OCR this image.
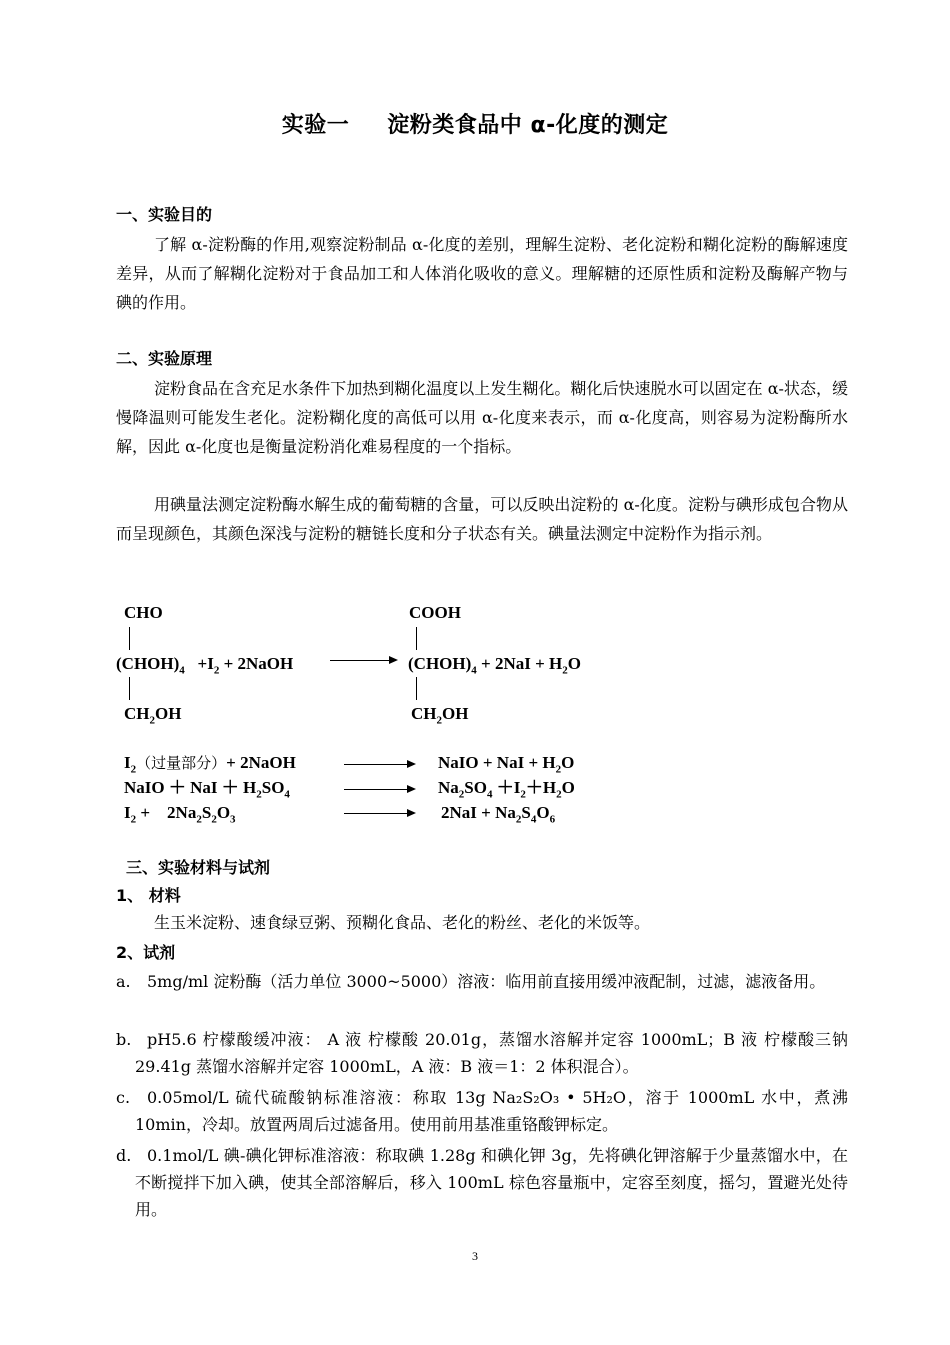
实验一 淀粉类食品中 α-化度的测定
一、实验目的
了解 α-淀粉酶的作用,观察淀粉制品 α-化度的差别，理解生淀粉、老化淀粉和糊化淀粉的酶解速度差异，从而了解糊化淀粉对于食品加工和人体消化吸收的意义。理解糖的还原性质和淀粉及酶解产物与碘的作用。
二、实验原理
淀粉食品在含充足水条件下加热到糊化温度以上发生糊化。糊化后快速脱水可以固定在 α-状态，缓慢降温则可能发生老化。淀粉糊化度的高低可以用 α-化度来表示，而 α-化度高，则容易为淀粉酶所水解，因此 α-化度也是衡量淀粉消化难易程度的一个指标。
用碘量法测定淀粉酶水解生成的葡萄糖的含量，可以反映出淀粉的 α-化度。淀粉与碘形成包合物从而呈现颜色，其颜色深浅与淀粉的糖链长度和分子状态有关。碘量法测定中淀粉作为指示剂。
CHO
$(CHOH)_4 +I_2$ + 2NaOH
$CH_2OH$
COOH
$(CHOH)_4 + 2NaI + H_2O$
$CH_2OH$
$I_2$（过量部分）+ 2NaOH	NaIO + NaI + $H_2O$
NaIO ＋ NaI ＋ $H_2SO_4$	$Na_2SO_4 +I_2+H_2O$
$I_2$ +    $2Na_2S_2O_3$	$2NaI + Na_2S_4O_6$
三、实验材料与试剂
1、 材料
生玉米淀粉、速食绿豆粥、预糊化食品、老化的粉丝、老化的米饭等。
2、试剂
a.	5mg/ml 淀粉酶（活力单位 3000~5000）溶液：临用前直接用缓冲液配制，过滤，滤液备用。
b. pH5.6 柠檬酸缓冲液： A 液 柠檬酸 20.01g，蒸馏水溶解并定容 1000mL；B 液 柠檬酸三钠 29.41g 蒸馏水溶解并定容 1000mL，A 液：B 液＝1：2 体积混合）。
c.	0.05mol/L 硫代硫酸钠标准溶液：称取 13g Na₂S₂O₃ • 5H₂O，溶于 1000mL 水中，煮沸 10min，冷却。放置两周后过滤备用。使用前用基准重铬酸钾标定。
d. 0.1mol/L 碘-碘化钾标准溶液：称取碘 1.28g 和碘化钾 3g，先将碘化钾溶解于少量蒸馏水中，在不断搅拌下加入碘，使其全部溶解后，移入 100mL 棕色容量瓶中，定容至刻度，摇匀，置避光处待用。
3
